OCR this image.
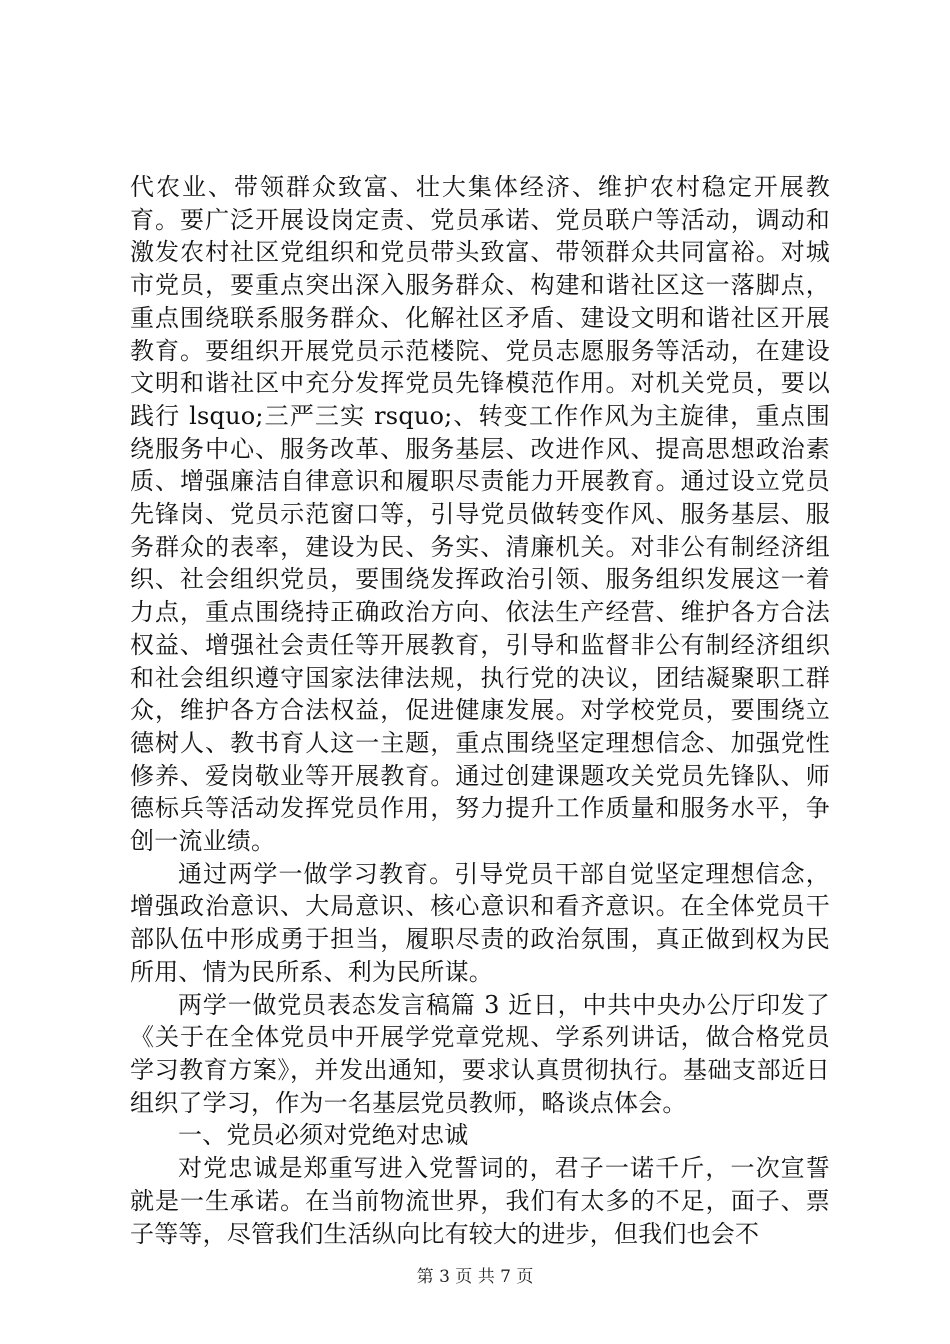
代农业、带领群众致富、壮大集体经济、维护农村稳定开展教育。要广泛开展设岗定责、党员承诺、党员联户等活动，调动和激发农村社区党组织和党员带头致富、带领群众共同富裕。对城市党员，要重点突出深入服务群众、构建和谐社区这一落脚点，重点围绕联系服务群众、化解社区矛盾、建设文明和谐社区开展教育。要组织开展党员示范楼院、党员志愿服务等活动，在建设文明和谐社区中充分发挥党员先锋模范作用。对机关党员，要以践行 lsquo;三严三实 rsquo;、转变工作作风为主旋律，重点围绕服务中心、服务改革、服务基层、改进作风、提高思想政治素质、增强廉洁自律意识和履职尽责能力开展教育。通过设立党员先锋岗、党员示范窗口等，引导党员做转变作风、服务基层、服务群众的表率，建设为民、务实、清廉机关。对非公有制经济组织、社会组织党员，要围绕发挥政治引领、服务组织发展这一着力点，重点围绕持正确政治方向、依法生产经营、维护各方合法权益、增强社会责任等开展教育，引导和监督非公有制经济组织和社会组织遵守国家法律法规，执行党的决议，团结凝聚职工群众，维护各方合法权益，促进健康发展。对学校党员，要围绕立德树人、教书育人这一主题，重点围绕坚定理想信念、加强党性修养、爱岗敬业等开展教育。通过创建课题攻关党员先锋队、师德标兵等活动发挥党员作用，努力提升工作质量和服务水平，争创一流业绩。

通过两学一做学习教育。引导党员干部自觉坚定理想信念，增强政治意识、大局意识、核心意识和看齐意识。在全体党员干部队伍中形成勇于担当，履职尽责的政治氛围，真正做到权为民所用、情为民所系、利为民所谋。

两学一做党员表态发言稿篇 3 近日，中共中央办公厅印发了《关于在全体党员中开展学党章党规、学系列讲话，做合格党员学习教育方案》，并发出通知，要求认真贯彻执行。基础支部近日组织了学习，作为一名基层党员教师，略谈点体会。

一、党员必须对党绝对忠诚

对党忠诚是郑重写进入党誓词的，君子一诺千斤，一次宣誓就是一生承诺。在当前物流世界，我们有太多的不足，面子、票子等等，尽管我们生活纵向比有较大的进步，但我们也会不

第 3 页 共 7 页
